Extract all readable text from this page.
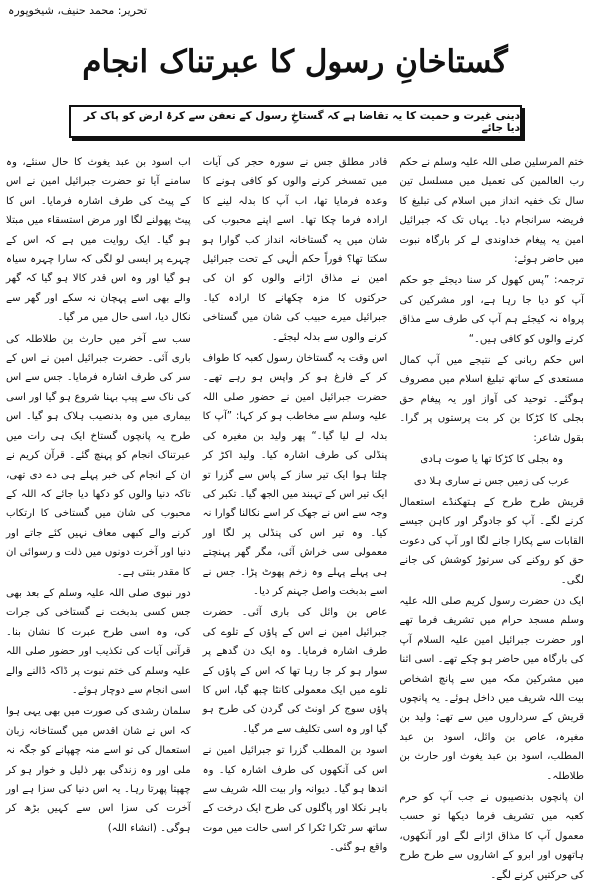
تحریر: محمد حنیف، شیخوپورہ
گستاخانِ رسول کا عبرتناک انجام
دینی غیرت و حمیت کا یہ تقاضا ہے کہ گستاخِ رسول کے تعفن سے کرۂ ارض کو پاک کر دیا جائے

ختم المرسلین صلی اللہ علیہ وسلم نے حکم رب العالمین کی تعمیل میں مسلسل تین سال تک خفیہ انداز میں اسلام کی تبلیغ کا فریضہ سرانجام دیا۔ یہاں تک کہ جبرائیل امین یہ پیغام خداوندی لے کر بارگاہ نبوت میں حاضر ہوئے:

ترجمہ: ”پس کھول کر سنا دیجئے جو حکم آپ کو دیا جا رہا ہے، اور مشرکین کی پرواہ نہ کیجئے ہم آپ کی طرف سے مذاق کرنے والوں کو کافی ہیں۔“

اس حکم ربانی کے نتیجے میں آپ کمال مستعدی کے ساتھ تبلیغ اسلام میں مصروف ہوگئے۔ توحید کی آواز اور یہ پیغام حق بجلی کا کڑکا بن کر بت پرستوں پر گرا۔ بقول شاعر:

وہ بجلی کا کڑکا تھا یا صوت ہادی

عرب کی زمیں جس نے ساری ہلا دی

قریش طرح طرح کے ہتھکنڈے استعمال کرنے لگے۔ آپ کو جادوگر اور کاہن جیسے القابات سے پکارا جانے لگا اور آپ کی دعوت حق کو روکنے کی سرتوڑ کوشش کی جانے لگی۔

ایک دن حضرت رسول کریم صلی اللہ علیہ وسلم مسجد حرام میں تشریف فرما تھے اور حضرت جبرائیل امین علیہ السلام آپ کی بارگاہ میں حاضر ہو چکے تھے۔ اسی اثنا میں مشرکین مکہ میں سے پانچ اشخاص بیت اللہ شریف میں داخل ہوئے۔ یہ پانچوں قریش کے سرداروں میں سے تھے: ولید بن مغیرہ، عاص بن وائل، اسود بن عبد المطلب، اسود بن عبد یغوث اور حارث بن طلاطلہ۔

ان پانچوں بدنصیبوں نے جب آپ کو حرم کعبہ میں تشریف فرما دیکھا تو حسب معمول آپ کا مذاق اڑانے لگے اور آنکھوں، ہاتھوں اور ابرو کے اشاروں سے طرح طرح کی حرکتیں کرنے لگے۔

قادر مطلق جس نے سورہ حجر کی آیات میں تمسخر کرنے والوں کو کافی ہونے کا وعدہ فرمایا تھا، اب آپ کا بدلہ لینے کا ارادہ فرما چکا تھا۔ اسے اپنے محبوب کی شان میں یہ گستاخانہ انداز کب گوارا ہو سکتا تھا؟ فوراً حکم الٰہی کے تحت جبرائیل امین نے مذاق اڑانے والوں کو ان کی حرکتوں کا مزہ چکھانے کا ارادہ کیا۔ جبرائیل میرے حبیب کی شان میں گستاخی کرنے والوں سے بدلہ لیجئے۔

اس وقت یہ گستاخان رسول کعبہ کا طواف کر کے فارغ ہو کر واپس ہو رہے تھے۔ حضرت جبرائیل امین نے حضور صلی اللہ علیہ وسلم سے مخاطب ہو کر کہا: ”آپ کا بدلہ لے لیا گیا۔“ پھر ولید بن مغیرہ کی پنڈلی کی طرف اشارہ کیا۔ ولید اکڑ کر چلتا ہوا ایک تیر ساز کے پاس سے گزرا تو ایک تیر اس کے تہبند میں الجھ گیا۔ تکبر کی وجہ سے اس نے جھک کر اسے نکالنا گوارا نہ کیا۔ وہ تیر اس کی پنڈلی پر لگا اور معمولی سی خراش آئی، مگر گھر پہنچتے ہی پہلے پہلے وہ زخم پھوٹ پڑا۔ جس نے اسے بدبخت واصل جہنم کر دیا۔

عاص بن وائل کی باری آئی۔ حضرت جبرائیل امین نے اس کے پاؤں کے تلوے کی طرف اشارہ فرمایا۔ وہ ایک دن گدھے پر سوار ہو کر جا رہا تھا کہ اس کے پاؤں کے تلوے میں ایک معمولی کانٹا چبھ گیا، اس کا پاؤں سوج کر اونٹ کی گردن کی طرح ہو گیا اور وہ اسی تکلیف سے مر گیا۔

اسود بن المطلب گزرا تو جبرائیل امین نے اس کی آنکھوں کی طرف اشارہ کیا۔ وہ اندھا ہو گیا۔ دیوانہ وار بیت اللہ شریف سے باہر نکلا اور پاگلوں کی طرح ایک درخت کے ساتھ سر ٹکرا ٹکرا کر اسی حالت میں موت واقع ہو گئی۔

اب اسود بن عبد یغوث کا حال سنئے، وہ سامنے آیا تو حضرت جبرائیل امین نے اس کے پیٹ کی طرف اشارہ فرمایا۔ اس کا پیٹ پھولنے لگا اور مرض استسقاء میں مبتلا ہو گیا۔ ایک روایت میں ہے کہ اس کے چہرے پر ایسی لو لگی کہ سارا چہرہ سیاہ ہو گیا اور وہ اس قدر کالا ہو گیا کہ گھر والے بھی اسے پہچان نہ سکے اور گھر سے نکال دیا، اسی حال میں مر گیا۔

سب سے آخر میں حارث بن طلاطلہ کی باری آئی۔ حضرت جبرائیل امین نے اس کے سر کی طرف اشارہ فرمایا۔ جس سے اس کی ناک سے پیپ بہنا شروع ہو گیا اور اسی بیماری میں وہ بدنصیب ہلاک ہو گیا۔ اس طرح یہ پانچوں گستاخ ایک ہی رات میں عبرتناک انجام کو پہنچ گئے۔ قرآن کریم نے ان کے انجام کی خبر پہلے ہی دے دی تھی، تاکہ دنیا والوں کو دکھا دیا جائے کہ اللہ کے محبوب کی شان میں گستاخی کا ارتکاب کرنے والے کبھی معاف نہیں کئے جاتے اور دنیا اور آخرت دونوں میں ذلت و رسوائی ان کا مقدر بنتی ہے۔

دور نبوی صلی اللہ علیہ وسلم کے بعد بھی جس کسی بدبخت نے گستاخی کی جرات کی، وہ اسی طرح عبرت کا نشان بنا۔ قرآنی آیات کی تکذیب اور حضور صلی اللہ علیہ وسلم کی ختم نبوت پر ڈاکہ ڈالنے والے اسی انجام سے دوچار ہوئے۔

سلمان رشدی کی صورت میں بھی یہی ہوا کہ اس نے شان اقدس میں گستاخانہ زبان استعمال کی تو اسے منہ چھپانے کو جگہ نہ ملی اور وہ زندگی بھر ذلیل و خوار ہو کر چھپتا پھرتا رہا۔ یہ اس دنیا کی سزا ہے اور آخرت کی سزا اس سے کہیں بڑھ کر ہوگی۔ (انشاء اللہ)
